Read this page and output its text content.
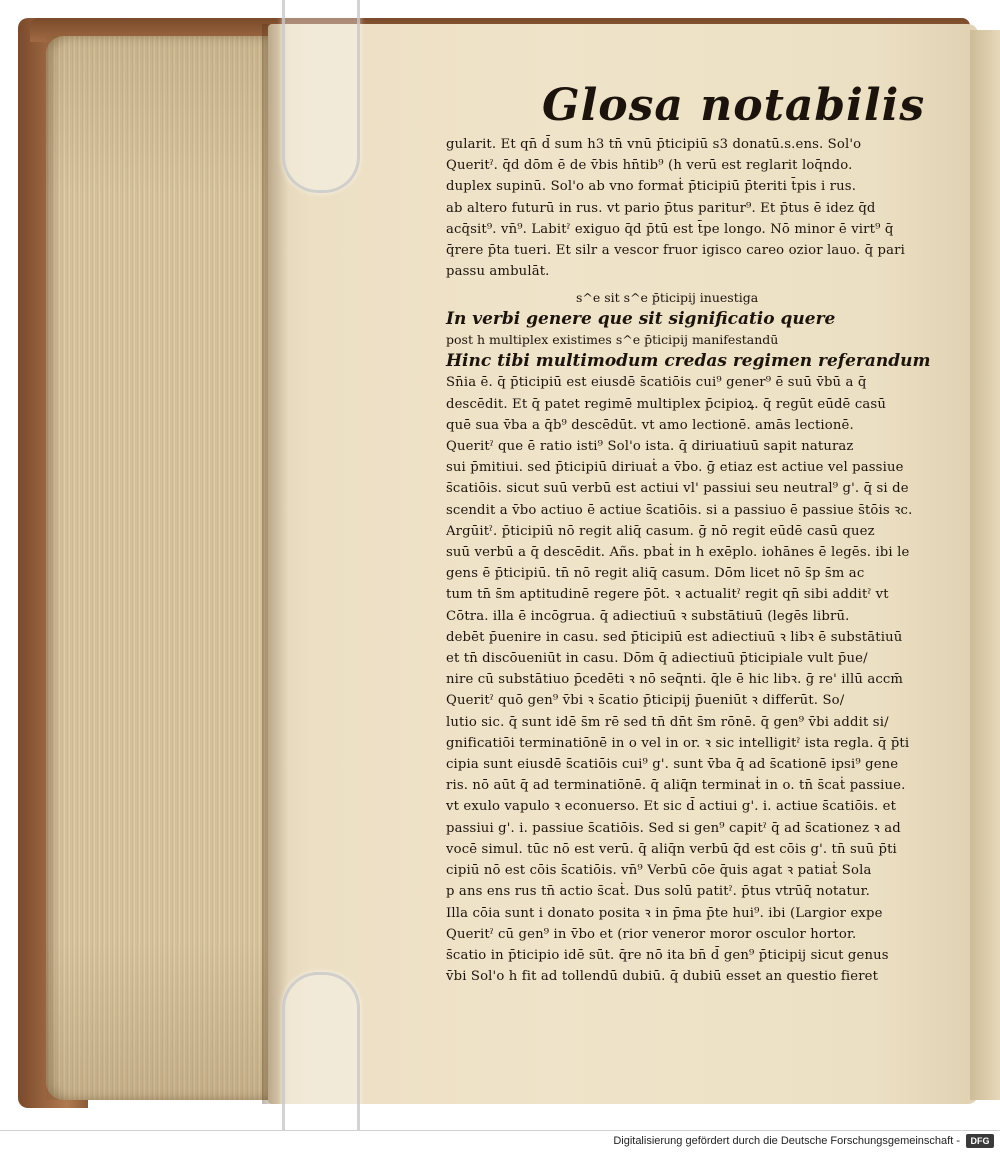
Glosa notabilis
gularit. Et qn̄ d̄ sum h3 tn̄ vnū p̄ticipiū s3 donatū.s.ens. Sol'o
Queritˀ. q̄d dōm ē de v̄bis hn̄tib⁹ (h verū est reglarit loq̄ndo.
duplex supinū. Sol'o ab vno formaṫ p̄ticipiū p̄teriti t̄pis i rus.
ab altero futurū in rus. vt pario p̄tus paritur⁹. Et p̄tus ē idez q̄d
acq̄sit⁹. vn̄⁹. Labitˀ exiguo q̄d p̄tū est t̄pe longo. Nō minor ē virt⁹ q̄
q̄rere p̄ta tueri. Et silr a vescor fruor igisco careo ozior lauo. q̄ pari
passu ambulāt.
s^e sit s^e p̄ticipij inuestiga
In verbi genere que sit significatio quere
post h multiplex existimes s^e p̄ticipij manifestandū
Hinc tibi multimodum credas regimen referandum
Sn̄ia ē. q̄ p̄ticipiū est eiusdē s̄catiōis cui⁹ gener⁹ ē suū v̄bū a q̄
descēdit. Et q̄ patet regimē multiplex p̄cipioꝝ. q̄ regūt eūdē casū
quē sua v̄ba a q̄b⁹ descēdūt. vt amo lectionē. amās lectionē.
Queritˀ que ē ratio isti⁹ Sol'o ista. q̄ diriuatiuū sapit naturaz
sui p̄mitiui. sed p̄ticipiū diriuaṫ a v̄bo. ḡ etiaz est actiue vel passiue
s̄catiōis. sicut suū verbū est actiui vl' passiui seu neutral⁹ g'. q̄ si de
scendit a v̄bo actiuo ē actiue s̄catiōis. si a passiuo ē passiue s̄tōis ꝛc.
Argūitˀ. p̄ticipiū nō regit aliq̄ casum. ḡ nō regit eūdē casū quez
suū verbū a q̄ descēdit. Añs. pbaṫ in h exēplo. iohānes ē legēs. ibi le
gens ē p̄ticipiū. tn̄ nō regit aliq̄ casum. Dōm licet nō s̄p s̄m ac
tum tn̄ s̄m aptitudinē regere p̄ōt. ꝛ actualitˀ regit qn̄ sibi additˀ vt
Cōtra. illa ē incōgrua. q̄ adiectiuū ꝛ substātiuū (legēs librū.
debēt p̄uenire in casu. sed p̄ticipiū est adiectiuū ꝛ libꝛ ē substātiuū
et tn̄ discōueniūt in casu. Dōm q̄ adiectiuū p̄ticipiale vult p̄ue/
nire cū substātiuo p̄cedēti ꝛ nō seq̄nti. q̄le ē hic libꝛ. ḡ re' illū accm̄
Queritˀ quō gen⁹ v̄bi ꝛ s̄catio p̄ticipij p̄ueniūt ꝛ differūt. So/
lutio sic. q̄ sunt idē s̄m rē sed tn̄ dn̄t s̄m rōnē. q̄ gen⁹ v̄bi addit si/
gnificatiōi terminatiōnē in o vel in or. ꝛ sic intelligitˀ ista regla. q̄ p̄ti
cipia sunt eiusdē s̄catiōis cui⁹ g'. sunt v̄ba q̄ ad s̄cationē ipsi⁹ gene
ris. nō aūt q̄ ad terminatiōnē. q̄ aliq̄n terminaṫ in o. tn̄ s̄caṫ passiue.
vt exulo vapulo ꝛ econuerso. Et sic d̄ actiui g'. i. actiue s̄catiōis. et
passiui g'. i. passiue s̄catiōis. Sed si gen⁹ capitˀ q̄ ad s̄cationez ꝛ ad
vocē simul. tūc nō est verū. q̄ aliq̄n verbū q̄d est cōis g'. tn̄ suū p̄ti
cipiū nō est cōis s̄catiōis. vn̄⁹ Verbū cōe q̄uis agat ꝛ patiaṫ Sola
p ans ens rus tn̄ actio s̄caṫ. Dus solū patitˀ. p̄tus vtrūq̄ notatur.
Illa cōia sunt i donato posita ꝛ in p̄ma p̄te hui⁹. ibi (Largior expe
Queritˀ cū gen⁹ in v̄bo et (rior veneror moror osculor hortor.
s̄catio in p̄ticipio idē sūt. q̄re nō ita bn̄ d̄ gen⁹ p̄ticipij sicut genus
v̄bi Sol'o h fit ad tollendū dubiū. q̄ dubiū esset an questio fieret
Digitalisierung gefördert durch die Deutsche Forschungsgemeinschaft -	DFG
